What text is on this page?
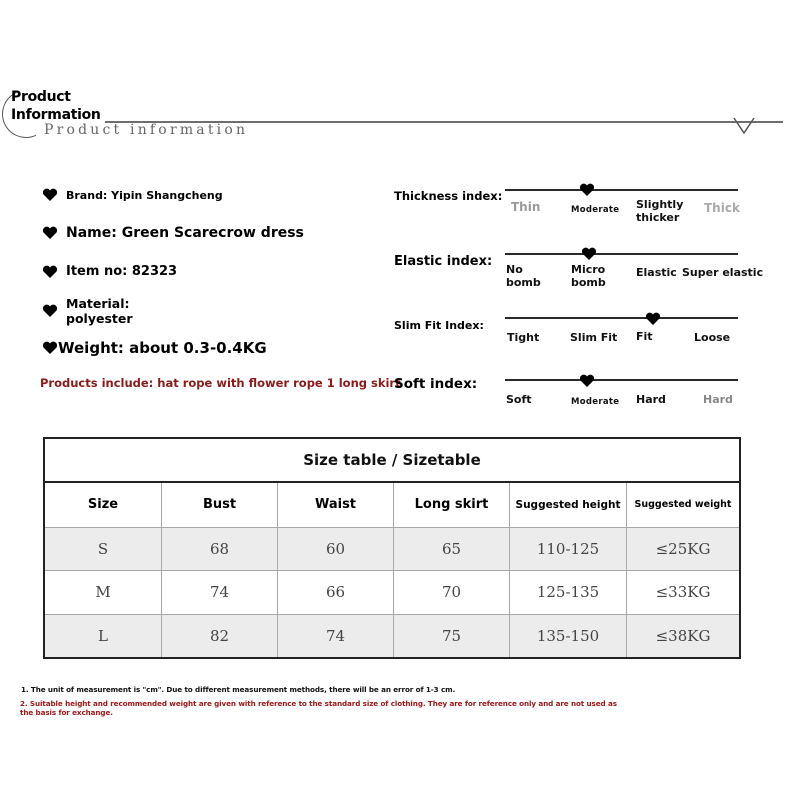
Product
Information
Product information
Brand: Yipin Shangcheng
Name: Green Scarecrow dress
Item no: 82323
Material:
polyester
Weight: about 0.3-0.4KG
Products include: hat rope with flower rope 1 long skirt
Thickness index:
Thin	Moderate Slightly thicker
Thick
Elastic index:
No bomb
Micro bomb
Elastic Super elastic
Slim Fit Index:
Tight	Slim Fit Fit	Loose
Soft index:
Soft	Moderate Hard	Hard
Size table / Sizetable
Size	Bust	Waist	Long skirt	Suggested height	Suggested weight
S	68	60	65	110-125	≤25KG
M	74	66	70	125-135	≤33KG
L	82	74	75	135-150	≤38KG
1. The unit of measurement is "cm". Due to different measurement methods, there will be an error of 1-3 cm.
2. Suitable height and recommended weight are given with reference to the standard size of clothing. They are for reference only and are not used as the basis for exchange.
